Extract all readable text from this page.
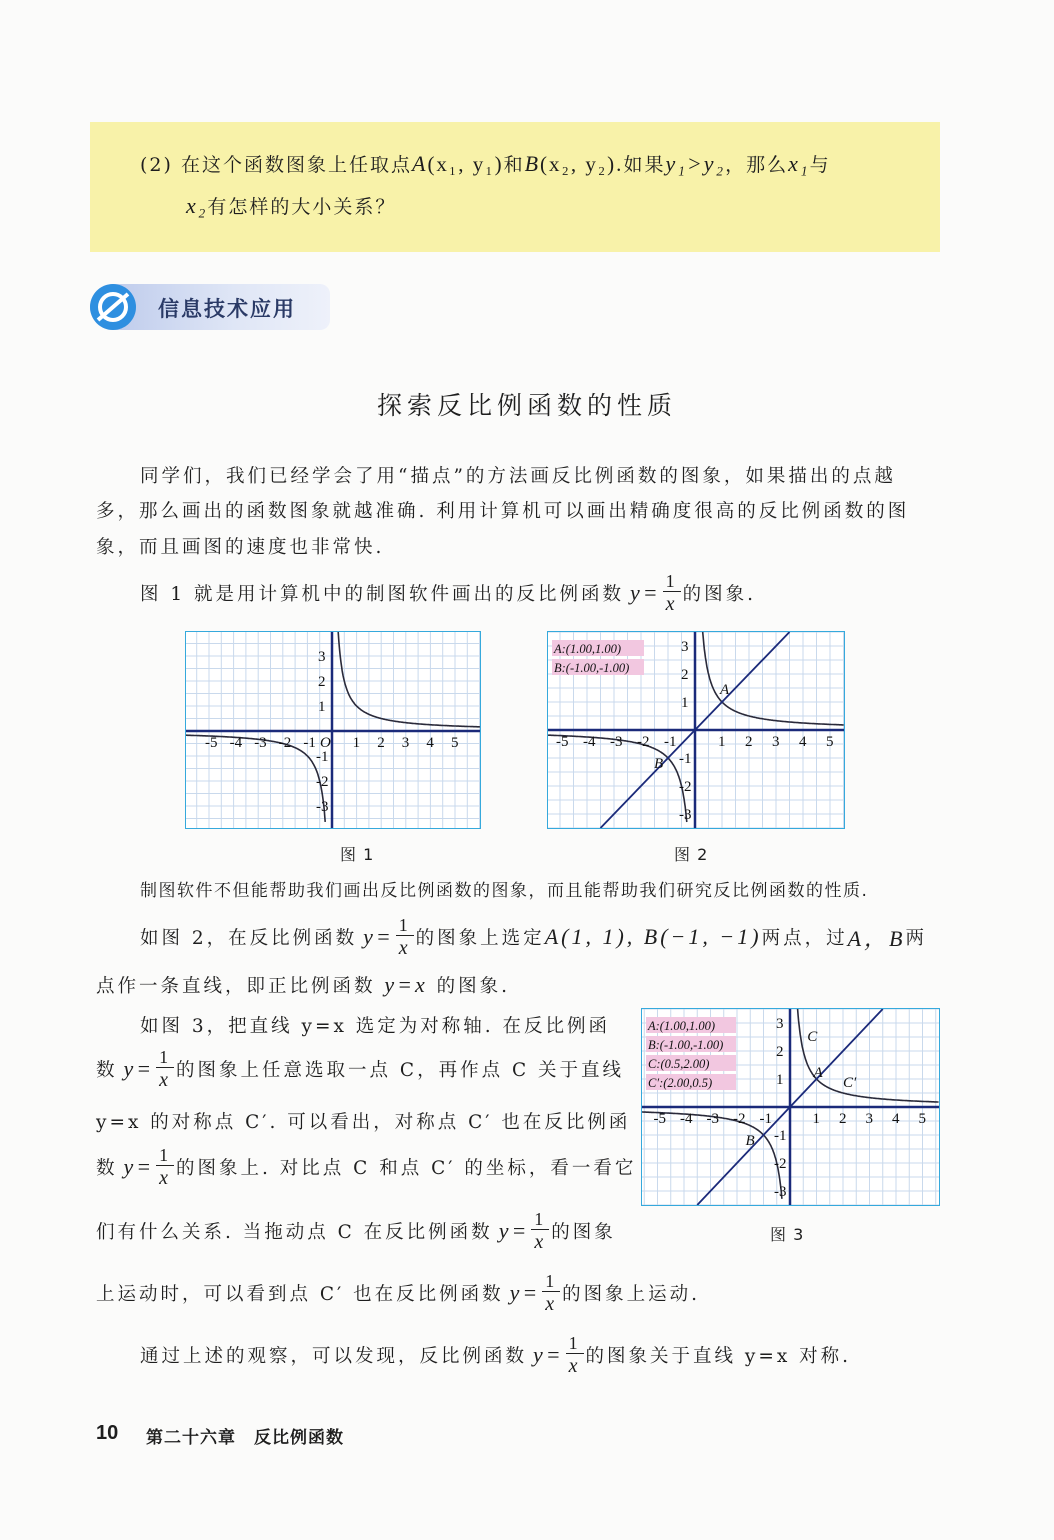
(2) 在这个函数图象上任取点A(x₁, y₁)和B(x₂, y₂).如果y₁>y₂，那么x₁与
x₂有怎样的大小关系？
信息技术应用
探索反比例函数的性质
同学们，我们已经学会了用“描点”的方法画反比例函数的图象，如果描出的点越
多，那么画出的函数图象就越准确. 利用计算机可以画出精确度很高的反比例函数的图
象，而且画图的速度也非常快.
图 1 就是用计算机中的制图软件画出的反比例函数 $y= \frac{1}{x}$ 的图象.
-5 -4 -3 -2 -1 1 2 3 4 5
3
2
1
-1
-2
-3
O
图 1
-5 -4 -3 -2 -1	1 2 3 4 5
3
2
1
-1
-2
-3
A
B
A:(1.00,1.00)
B:(-1.00,-1.00)
图 2
制图软件不但能帮助我们画出反比例函数的图象，而且能帮助我们研究反比例函数的性质.
如图 2，在反比例函数 $y= \frac{1}{x}$ 的图象上选定 A(1, 1), B(−1, −1) 两点，过 A，B 两
点作一条直线，即正比例函数 y=x 的图象.
如图 3，把直线 y=x 选定为对称轴. 在反比例函
数 $y= \frac{1}{x}$ 的图象上任意选取一点 C，再作点 C 关于直线
y=x 的对称点 C′. 可以看出，对称点 C′ 也在反比例函
数 $y= \frac{1}{x}$ 的图象上. 对比点 C 和点 C′ 的坐标，看一看它
们有什么关系. 当拖动点 C 在反比例函数 $y= \frac{1}{x}$ 的图象
上运动时，可以看到点 C′ 也在反比例函数 $y= \frac{1}{x}$ 的图象上运动.
-5 -4 -3 -2 -1	1 2 3 4 5
3
2
1
-1
-2
-3
A
B
C
C′
A:(1.00,1.00)
B:(-1.00,-1.00)
C:(0.5,2.00)
C′:(2.00,0.5)
图 3
通过上述的观察，可以发现，反比例函数 $y= \frac{1}{x}$ 的图象关于直线 y=x 对称.
10 第二十六章　反比例函数
